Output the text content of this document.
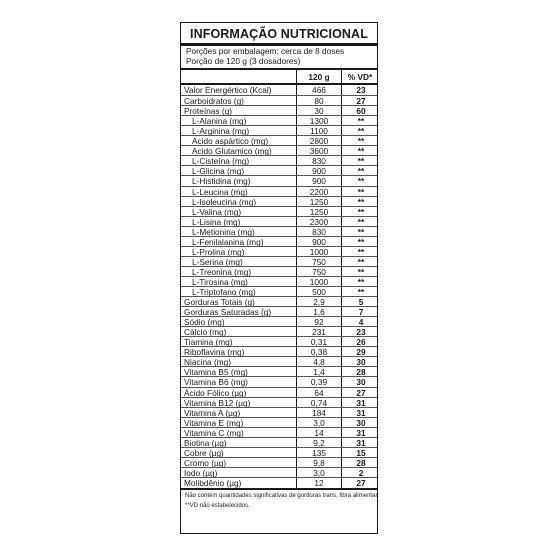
INFORMAÇÃO NUTRICIONAL
Porções por embalagem: cerca de 8 doses
Porção de 120 g (3 dosadores)
120 g	% VD*
Valor Energértico (Kcal)	466	23
Carboidratos (g)	80	27
Proteínas (g)	30	60
L-Alanina (mg)	1300	**
L-Arginina (mg)	1100	**
Acido aspártico (mg)	2800	**
Acido Glutamico (mg)	3600	**
L-Cisteína (mg)	830	**
L-Glicina (mg)	900	**
L-Histidina (mg)	900	**
L-Leucina (mg)	2200	**
L-Isoleucina (mg)	1250	**
L-Valina (mg)	1250	**
L-Lisina (mg)	2300	**
L-Metionina (mg)	830	**
L-Fenilalanina (mg)	900	**
L-Prolina (mg)	1000	**
L-Serina (mg)	750	**
L-Treonina (mg)	750	**
L-Tirosina (mg)	1000	**
L-Triptofano (mg)	500	**
Gorduras Totais (g)	2,9	5
Gorduras Saturadas (g)	1,6	7
Sódio (mg)	92	4
Cálcio (mg)	231	23
Tiamina (mg)	0,31	26
Riboflavina (mg)	0,38	29
Niacina (mg)	4,8	30
Vitamina B5 (mg)	1,4	28
Vitamina B6 (mg)	0,39	30
Ácido Fólico (µg)	64	27
Vitamina B12 (µg)	0,74	31
Vitamina A (µg)	184	31
Vitamina E (mg)	3,0	30
Vitamina C (mg)	14	31
Biotina (µg)	9,2	31
Cobre (µg)	135	15
Cromo (µg)	9,8	28
Iodo (µg)	3,0	2
Molibdênio (µg)	12	27
Não contém quantidades significativas de gorduras trans, fibra alimentar.
**VD não estabelecidos.
